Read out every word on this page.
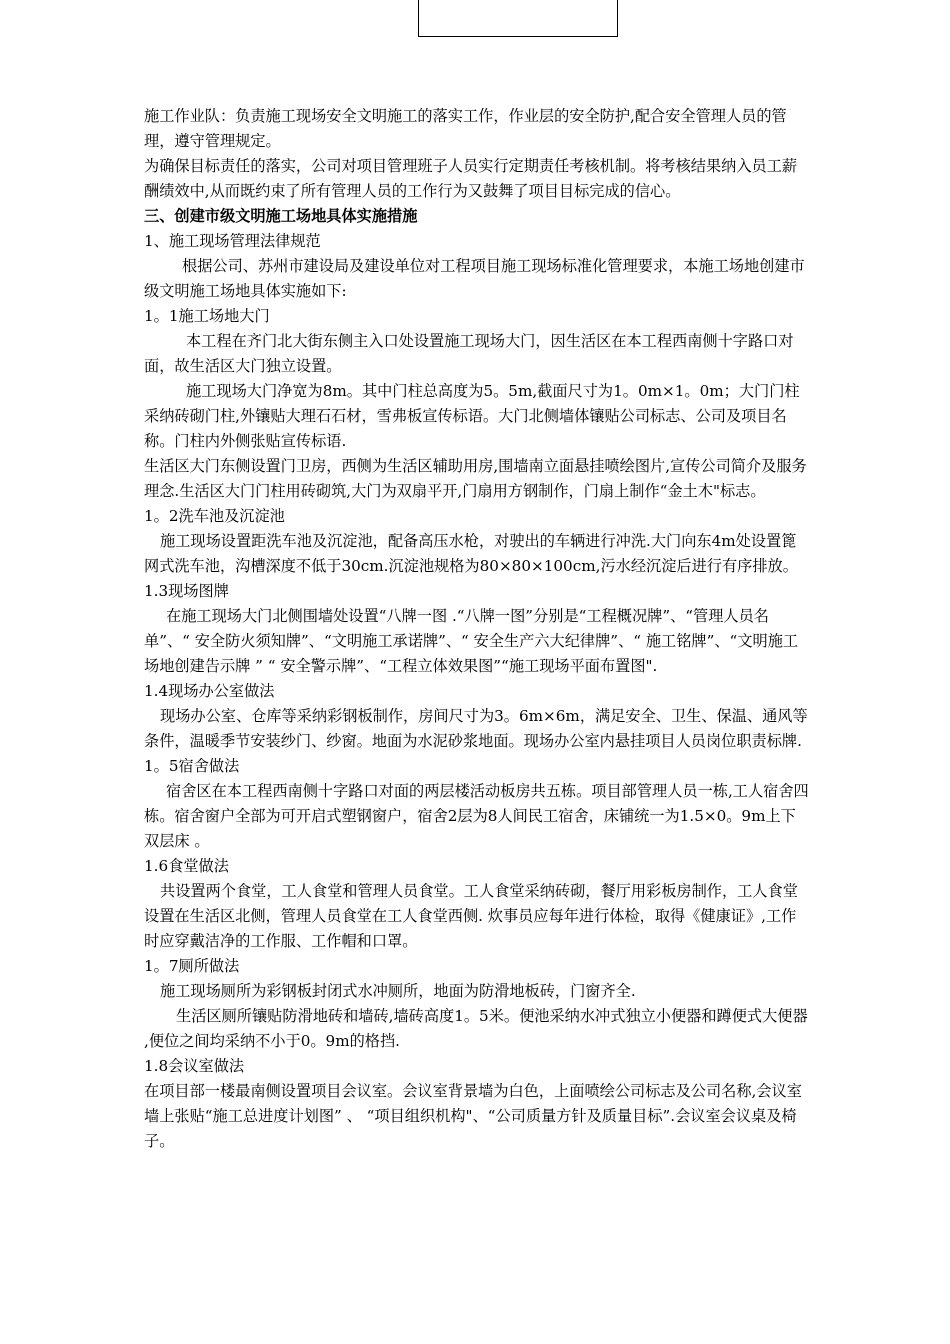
施工作业队：负责施工现场安全文明施工的落实工作，作业层的安全防护,配合安全管理人员的管理，遵守管理规定。

为确保目标责任的落实，公司对项目管理班子人员实行定期责任考核机制。将考核结果纳入员工薪酬绩效中,从而既约束了所有管理人员的工作行为又鼓舞了项目目标完成的信心。

三、创建市级文明施工场地具体实施措施

1、施工现场管理法律规范

根据公司、苏州市建设局及建设单位对工程项目施工现场标准化管理要求，本施工场地创建市级文明施工场地具体实施如下:

1。1施工场地大门

本工程在齐门北大街东侧主入口处设置施工现场大门，因生活区在本工程西南侧十字路口对面，故生活区大门独立设置。

施工现场大门净宽为8m。其中门柱总高度为5。5m,截面尺寸为1。0m×1。0m；大门门柱采纳砖砌门柱,外镶贴大理石石材，雪弗板宣传标语。大门北侧墙体镶贴公司标志、公司及项目名称。门柱内外侧张贴宣传标语.

生活区大门东侧设置门卫房，西侧为生活区辅助用房,围墙南立面悬挂喷绘图片,宣传公司简介及服务理念.生活区大门门柱用砖砌筑,大门为双扇平开,门扇用方钢制作，门扇上制作“金土木"标志。

1。2洗车池及沉淀池

施工现场设置距洗车池及沉淀池，配备高压水枪，对驶出的车辆进行冲洗.大门向东4m处设置篦网式洗车池，沟槽深度不低于30cm.沉淀池规格为80×80×100cm,污水经沉淀后进行有序排放。

1.3现场图牌

在施工现场大门北侧围墙处设置“八牌一图 .“八牌一图”分别是“工程概况牌”、“管理人员名单”、“ 安全防火须知牌”、“文明施工承诺牌”、“ 安全生产六大纪律牌”、“ 施工铭牌”、“文明施工场地创建告示牌 ” “ 安全警示牌”、“工程立体效果图”“施工现场平面布置图".

1.4现场办公室做法

现场办公室、仓库等采纳彩钢板制作，房间尺寸为3。6m×6m，满足安全、卫生、保温、通风等条件，温暖季节安装纱门、纱窗。地面为水泥砂浆地面。现场办公室内悬挂项目人员岗位职责标牌.

1。5宿舍做法

宿舍区在本工程西南侧十字路口对面的两层楼活动板房共五栋。项目部管理人员一栋,工人宿舍四栋。宿舍窗户全部为可开启式塑钢窗户，宿舍2层为8人间民工宿舍，床铺统一为1.5×0。9m上下双层床 。

1.6食堂做法

共设置两个食堂，工人食堂和管理人员食堂。工人食堂采纳砖砌，餐厅用彩板房制作，工人食堂设置在生活区北侧，管理人员食堂在工人食堂西侧. 炊事员应每年进行体检，取得《健康证》,工作时应穿戴洁净的工作服、工作帽和口罩。

1。7厕所做法

施工现场厕所为彩钢板封闭式水冲厕所，地面为防滑地板砖，门窗齐全.

生活区厕所镶贴防滑地砖和墙砖,墙砖高度1。5米。便池采纳水冲式独立小便器和蹲便式大便器 ,便位之间均采纳不小于0。9m的格挡.

1.8会议室做法

在项目部一楼最南侧设置项目会议室。会议室背景墙为白色，上面喷绘公司标志及公司名称,会议室墙上张贴“施工总进度计划图” 、 “项目组织机构"、“公司质量方针及质量目标”.会议室会议桌及椅子。
